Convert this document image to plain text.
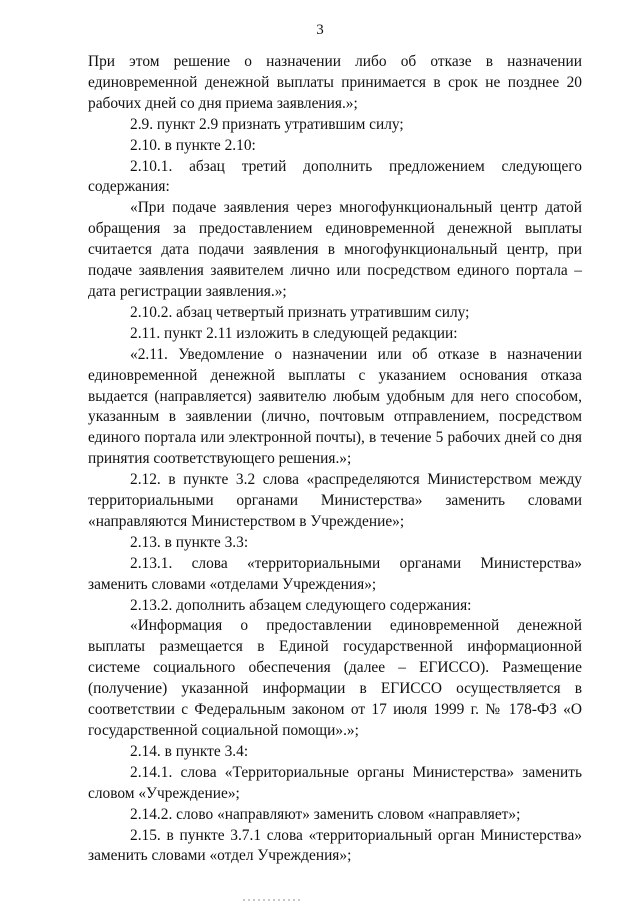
3

При этом решение о назначении либо об отказе в назначении единовременной денежной выплаты принимается в срок не позднее 20 рабочих дней со дня приема заявления.»;

2.9. пункт 2.9 признать утратившим силу;

2.10. в пункте 2.10:

2.10.1. абзац третий дополнить предложением следующего содержания:

«При подаче заявления через многофункциональный центр датой обращения за предоставлением единовременной денежной выплаты считается дата подачи заявления в многофункциональный центр, при подаче заявления заявителем лично или посредством единого портала – дата регистрации заявления.»;

2.10.2. абзац четвертый признать утратившим силу;

2.11. пункт 2.11 изложить в следующей редакции:

«2.11. Уведомление о назначении или об отказе в назначении единовременной денежной выплаты с указанием основания отказа выдается (направляется) заявителю любым удобным для него способом, указанным в заявлении (лично, почтовым отправлением, посредством единого портала или электронной почты), в течение 5 рабочих дней со дня принятия соответствующего решения.»;

2.12. в пункте 3.2 слова «распределяются Министерством между территориальными органами Министерства» заменить словами «направляются Министерством в Учреждение»;

2.13. в пункте 3.3:

2.13.1. слова «территориальными органами Министерства» заменить словами «отделами Учреждения»;

2.13.2. дополнить абзацем следующего содержания:

«Информация о предоставлении единовременной денежной выплаты размещается в Единой государственной информационной системе социального обеспечения (далее – ЕГИССО). Размещение (получение) указанной информации в ЕГИССО осуществляется в соответствии с Федеральным законом от 17 июля 1999 г. № 178-ФЗ «О государственной социальной помощи».»;

2.14. в пункте 3.4:

2.14.1. слова «Территориальные органы Министерства» заменить словом «Учреждение»;

2.14.2. слово «направляют» заменить словом «направляет»;

2.15. в пункте 3.7.1 слова «территориальный орган Министерства» заменить словами «отдел Учреждения»;
